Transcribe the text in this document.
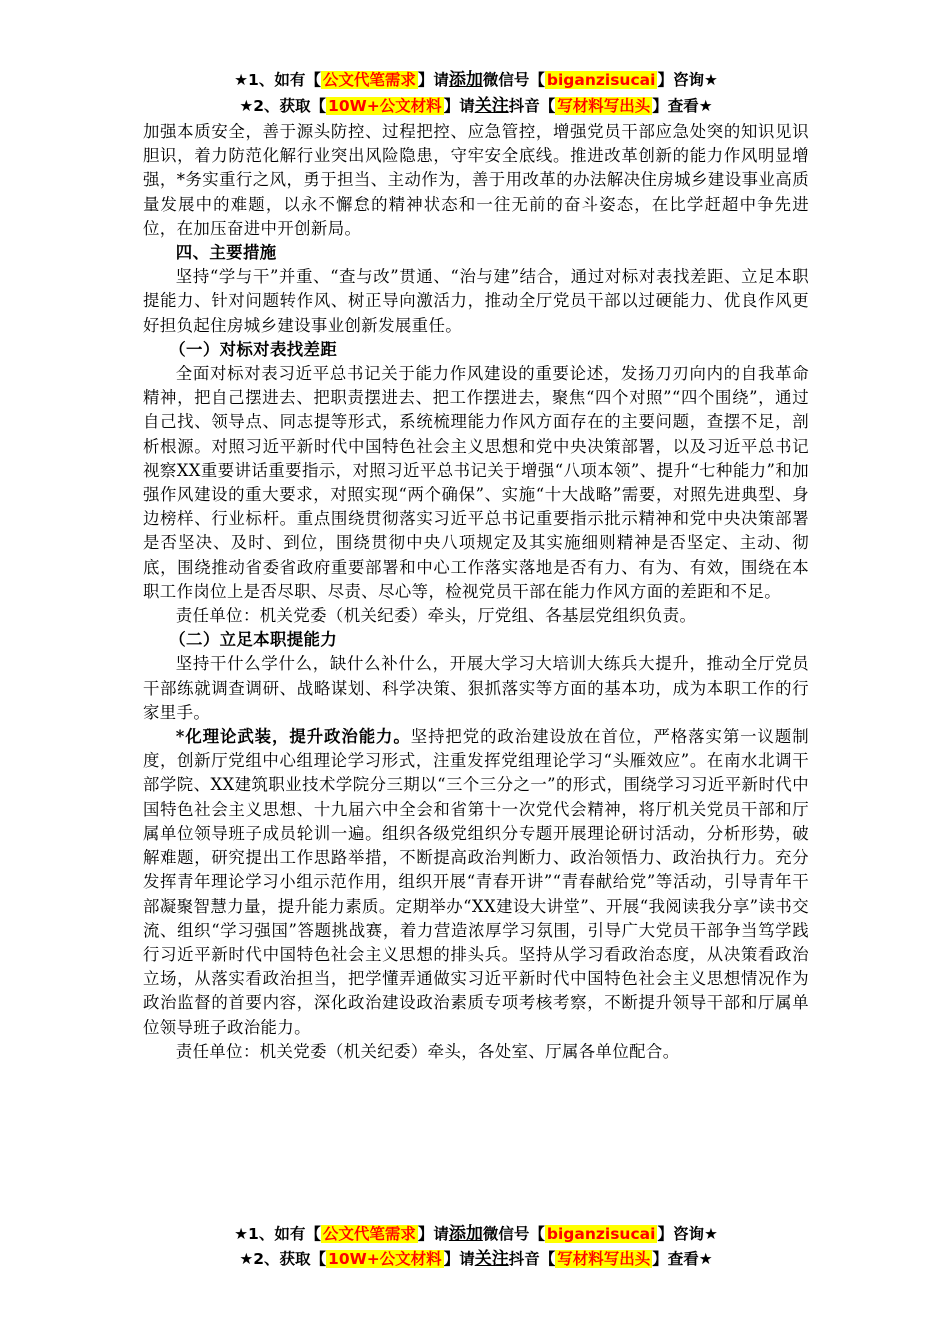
★1、如有【 公文代笔需求 】请添加微信号【 biganzisucai 】咨询★
★2、获取【 10W+公文材料 】请关注抖音【 写材料写出头 】查看★

加强本质安全，善于源头防控、过程把控、应急管控，增强党员干部应急处突的知识见识胆识，着力防范化解行业突出风险隐患，守牢安全底线。推进改革创新的能力作风明显增强，*务实重行之风，勇于担当、主动作为，善于用改革的办法解决住房城乡建设事业高质量发展中的难题，以永不懈怠的精神状态和一往无前的奋斗姿态，在比学赶超中争先进位，在加压奋进中开创新局。

四、主要措施

坚持“学与干”并重、“查与改”贯通、“治与建”结合，通过对标对表找差距、立足本职提能力、针对问题转作风、树正导向激活力，推动全厅党员干部以过硬能力、优良作风更好担负起住房城乡建设事业创新发展重任。

（一）对标对表找差距

全面对标对表习近平总书记关于能力作风建设的重要论述，发扬刀刃向内的自我革命精神，把自己摆进去、把职责摆进去、把工作摆进去，聚焦“四个对照”“四个围绕”，通过自己找、领导点、同志提等形式，系统梳理能力作风方面存在的主要问题，查摆不足，剖析根源。对照习近平新时代中国特色社会主义思想和党中央决策部署，以及习近平总书记视察XX重要讲话重要指示，对照习近平总书记关于增强“八项本领”、提升“七种能力”和加强作风建设的重大要求，对照实现“两个确保”、实施“十大战略”需要，对照先进典型、身边榜样、行业标杆。重点围绕贯彻落实习近平总书记重要指示批示精神和党中央决策部署是否坚决、及时、到位，围绕贯彻中央八项规定及其实施细则精神是否坚定、主动、彻底，围绕推动省委省政府重要部署和中心工作落实落地是否有力、有为、有效，围绕在本职工作岗位上是否尽职、尽责、尽心等，检视党员干部在能力作风方面的差距和不足。

责任单位：机关党委（机关纪委）牵头，厅党组、各基层党组织负责。

（二）立足本职提能力

坚持干什么学什么，缺什么补什么，开展大学习大培训大练兵大提升，推动全厅党员干部练就调查调研、战略谋划、科学决策、狠抓落实等方面的基本功，成为本职工作的行家里手。

*化理论武装，提升政治能力。坚持把党的政治建设放在首位，严格落实第一议题制度，创新厅党组中心组理论学习形式，注重发挥党组理论学习“头雁效应”。在南水北调干部学院、XX建筑职业技术学院分三期以“三个三分之一”的形式，围绕学习习近平新时代中国特色社会主义思想、十九届六中全会和省第十一次党代会精神，将厅机关党员干部和厅属单位领导班子成员轮训一遍。组织各级党组织分专题开展理论研讨活动，分析形势，破解难题，研究提出工作思路举措，不断提高政治判断力、政治领悟力、政治执行力。充分发挥青年理论学习小组示范作用，组织开展“青春开讲”“青春献给党”等活动，引导青年干部凝聚智慧力量，提升能力素质。定期举办“XX建设大讲堂”、开展“我阅读我分享”读书交流、组织“学习强国”答题挑战赛，着力营造浓厚学习氛围，引导广大党员干部争当笃学践行习近平新时代中国特色社会主义思想的排头兵。坚持从学习看政治态度，从决策看政治立场，从落实看政治担当，把学懂弄通做实习近平新时代中国特色社会主义思想情况作为政治监督的首要内容，深化政治建设政治素质专项考核考察，不断提升领导干部和厅属单位领导班子政治能力。

责任单位：机关党委（机关纪委）牵头，各处室、厅属各单位配合。

★1、如有【 公文代笔需求 】请添加微信号【 biganzisucai 】咨询★
★2、获取【 10W+公文材料 】请关注抖音【 写材料写出头 】查看★
